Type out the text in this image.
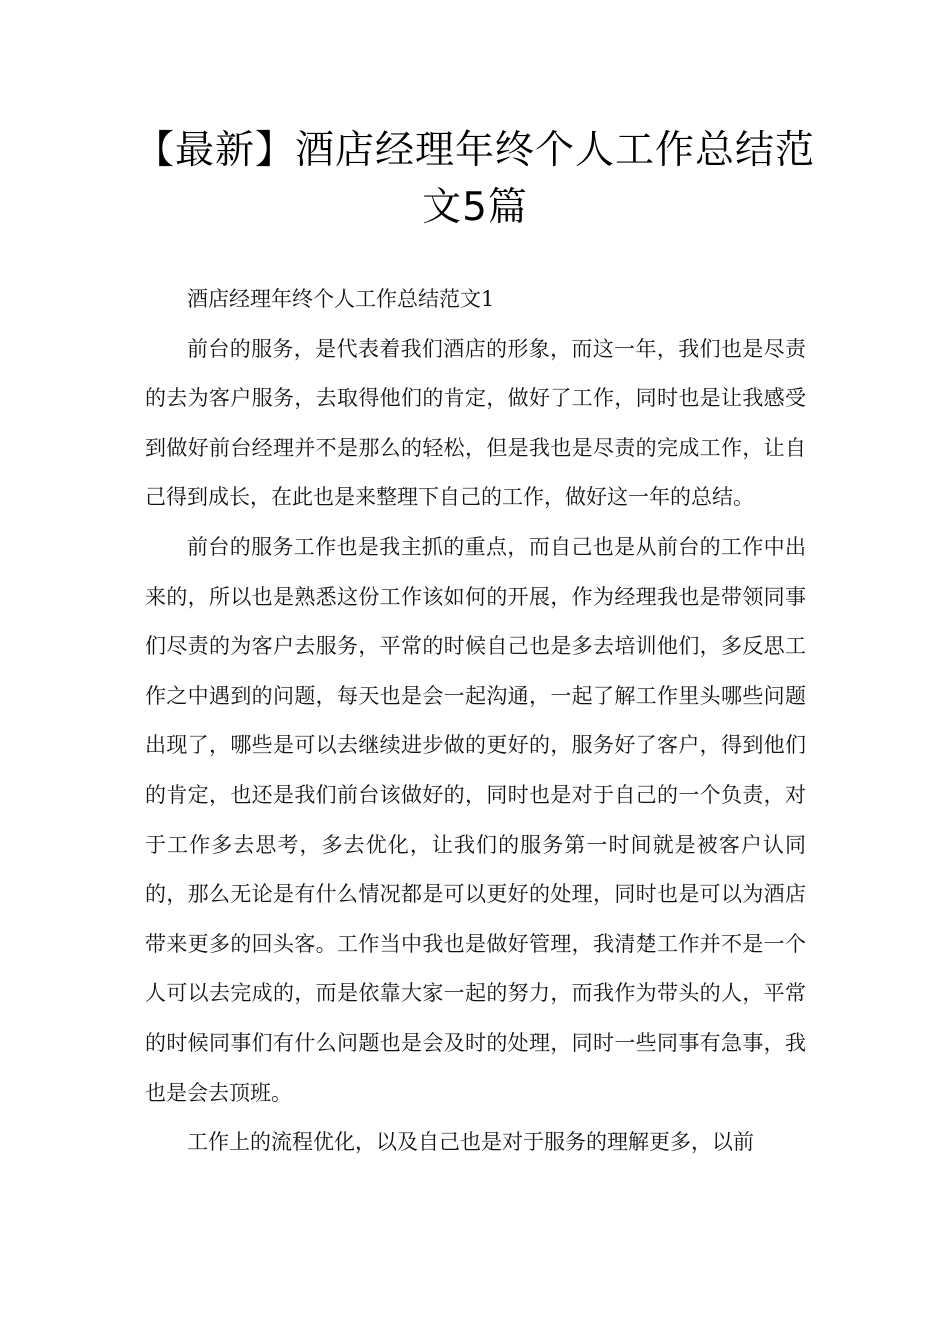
【最新】酒店经理年终个人工作总结范文5篇

酒店经理年终个人工作总结范文1

前台的服务，是代表着我们酒店的形象，而这一年，我们也是尽责的去为客户服务，去取得他们的肯定，做好了工作，同时也是让我感受到做好前台经理并不是那么的轻松，但是我也是尽责的完成工作，让自己得到成长，在此也是来整理下自己的工作，做好这一年的总结。

前台的服务工作也是我主抓的重点，而自己也是从前台的工作中出来的，所以也是熟悉这份工作该如何的开展，作为经理我也是带领同事们尽责的为客户去服务，平常的时候自己也是多去培训他们，多反思工作之中遇到的问题，每天也是会一起沟通，一起了解工作里头哪些问题出现了，哪些是可以去继续进步做的更好的，服务好了客户，得到他们的肯定，也还是我们前台该做好的，同时也是对于自己的一个负责，对于工作多去思考，多去优化，让我们的服务第一时间就是被客户认同的，那么无论是有什么情况都是可以更好的处理，同时也是可以为酒店带来更多的回头客。工作当中我也是做好管理，我清楚工作并不是一个人可以去完成的，而是依靠大家一起的努力，而我作为带头的人，平常的时候同事们有什么问题也是会及时的处理，同时一些同事有急事，我也是会去顶班。

工作上的流程优化，以及自己也是对于服务的理解更多，以前
